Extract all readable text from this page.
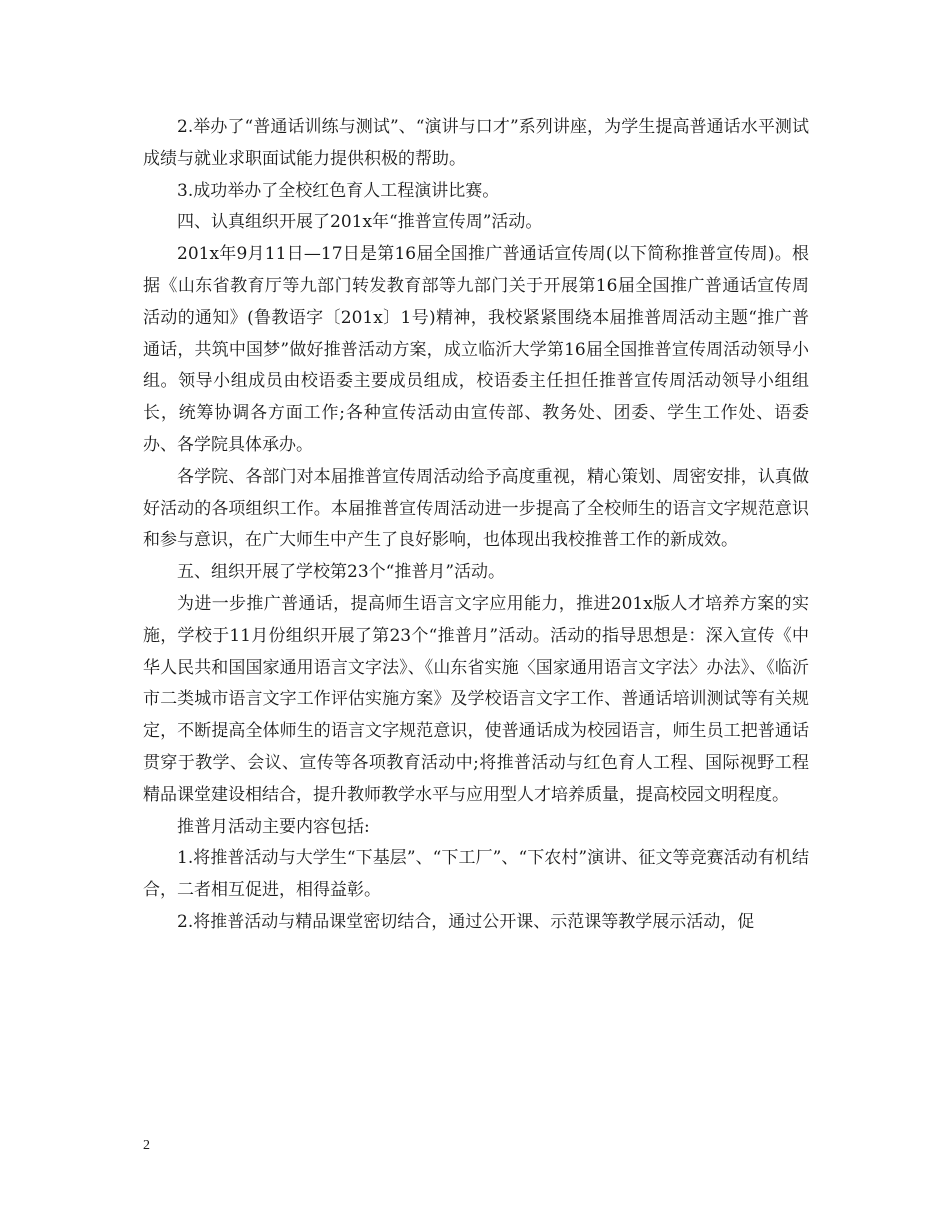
2.举办了“普通话训练与测试”、“演讲与口才”系列讲座，为学生提高普通话水平测试成绩与就业求职面试能力提供积极的帮助。

3.成功举办了全校红色育人工程演讲比赛。

四、认真组织开展了201x年“推普宣传周”活动。

201x年9月11日—17日是第16届全国推广普通话宣传周(以下简称推普宣传周)。根据《山东省教育厅等九部门转发教育部等九部门关于开展第16届全国推广普通话宣传周活动的通知》(鲁教语字〔201x〕1号)精神，我校紧紧围绕本届推普周活动主题“推广普通话，共筑中国梦”做好推普活动方案，成立临沂大学第16届全国推普宣传周活动领导小组。领导小组成员由校语委主要成员组成，校语委主任担任推普宣传周活动领导小组组长，统筹协调各方面工作;各种宣传活动由宣传部、教务处、团委、学生工作处、语委办、各学院具体承办。

各学院、各部门对本届推普宣传周活动给予高度重视，精心策划、周密安排，认真做好活动的各项组织工作。本届推普宣传周活动进一步提高了全校师生的语言文字规范意识和参与意识，在广大师生中产生了良好影响，也体现出我校推普工作的新成效。

五、组织开展了学校第23个“推普月”活动。

为进一步推广普通话，提高师生语言文字应用能力，推进201x版人才培养方案的实施，学校于11月份组织开展了第23个“推普月”活动。活动的指导思想是：深入宣传《中华人民共和国国家通用语言文字法》、《山东省实施〈国家通用语言文字法〉办法》、《临沂市二类城市语言文字工作评估实施方案》及学校语言文字工作、普通话培训测试等有关规定，不断提高全体师生的语言文字规范意识，使普通话成为校园语言，师生员工把普通话贯穿于教学、会议、宣传等各项教育活动中;将推普活动与红色育人工程、国际视野工程精品课堂建设相结合，提升教师教学水平与应用型人才培养质量，提高校园文明程度。

推普月活动主要内容包括:

1.将推普活动与大学生“下基层”、“下工厂”、“下农村”演讲、征文等竞赛活动有机结合，二者相互促进，相得益彰。

2.将推普活动与精品课堂密切结合，通过公开课、示范课等教学展示活动，促

2
